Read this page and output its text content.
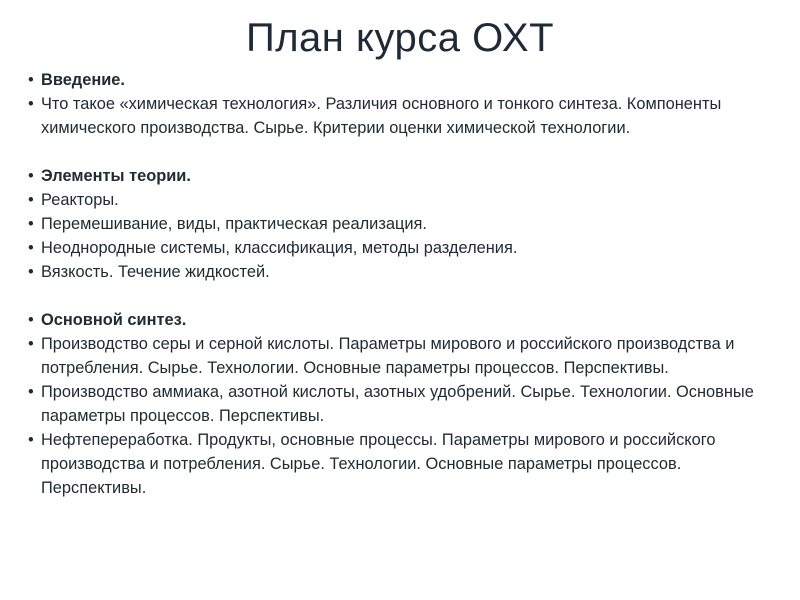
План курса ОХТ
• Введение.
• Что такое «химическая технология». Различия основного и тонкого синтеза. Компоненты химического производства. Сырье. Критерии оценки химической технологии.
• Элементы теории.
• Реакторы.
• Перемешивание, виды, практическая реализация.
• Неоднородные системы, классификация, методы разделения.
• Вязкость. Течение жидкостей.
• Основной синтез.
• Производство серы и серной кислоты. Параметры мирового и российского производства и потребления. Сырье. Технологии. Основные параметры процессов. Перспективы.
• Производство аммиака, азотной кислоты, азотных удобрений. Сырье. Технологии. Основные параметры процессов. Перспективы.
• Нефтепереработка. Продукты, основные процессы. Параметры мирового и российского производства и потребления. Сырье. Технологии. Основные параметры процессов. Перспективы.
